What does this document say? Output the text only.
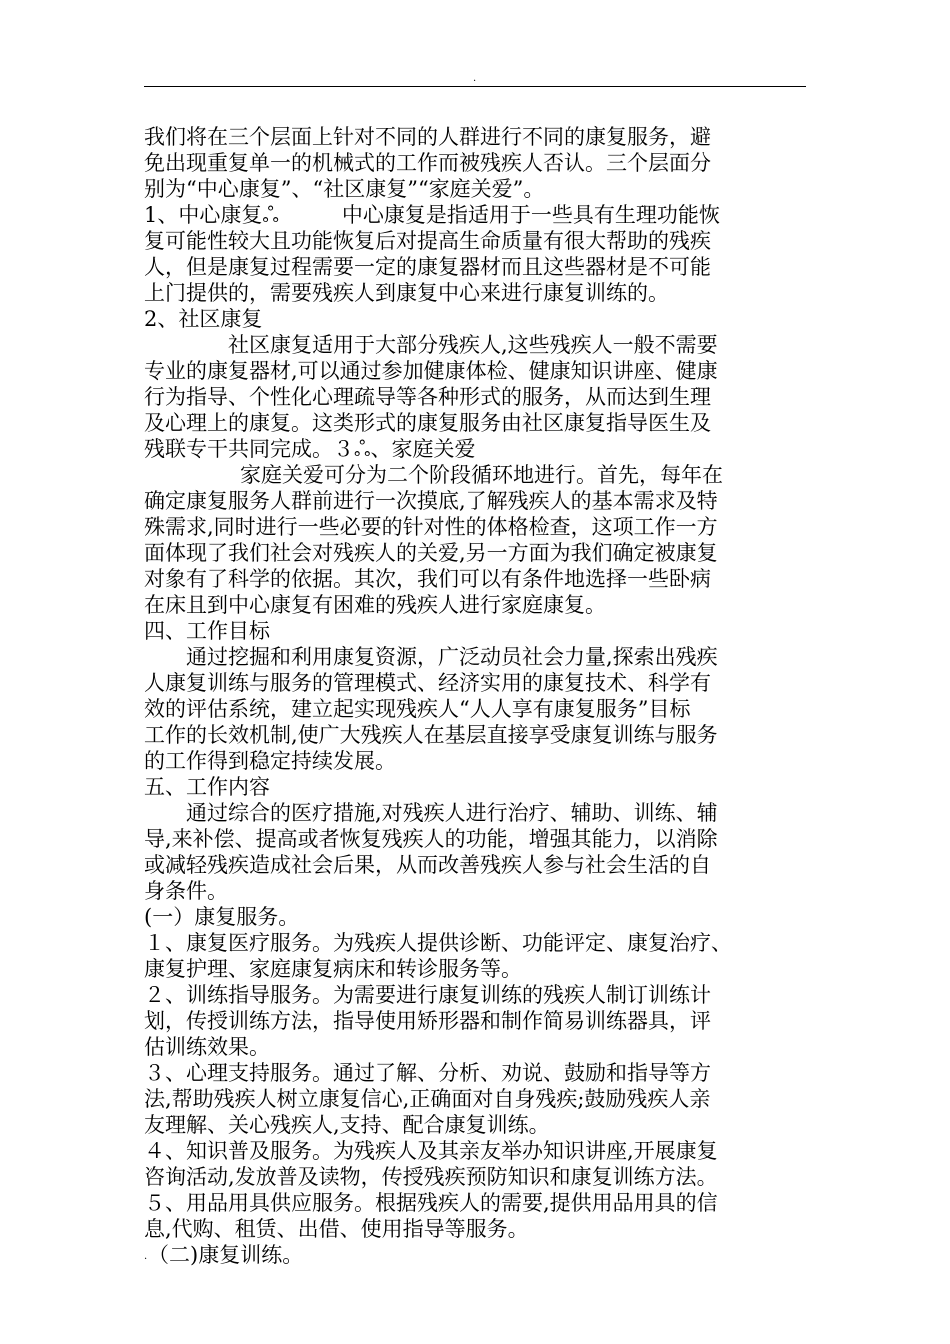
.

我们将在三个层面上针对不同的人群进行不同的康复服务，避

免出现重复单一的机械式的工作而被残疾人否认。三个层面分

别为“中心康复”、“社区康复”“家庭关爱”。

1、中心康复ஃ　　　中心康复是指适用于一些具有生理功能恢

复可能性较大且功能恢复后对提高生命质量有很大帮助的残疾

人，但是康复过程需要一定的康复器材而且这些器材是不可能

上门提供的，需要残疾人到康复中心来进行康复训练的。

2、社区康复

社区康复适用于大部分残疾人,这些残疾人一般不需要

专业的康复器材,可以通过参加健康体检、健康知识讲座、健康

行为指导、个性化心理疏导等各种形式的服务，从而达到生理

及心理上的康复。这类形式的康复服务由社区康复指导医生及

残联专干共同完成。３ஃ、家庭关爱

家庭关爱可分为二个阶段循环地进行。首先，每年在

确定康复服务人群前进行一次摸底,了解残疾人的基本需求及特

殊需求,同时进行一些必要的针对性的体格检查，这项工作一方

面体现了我们社会对残疾人的关爱,另一方面为我们确定被康复

对象有了科学的依据。其次，我们可以有条件地选择一些卧病

在床且到中心康复有困难的残疾人进行家庭康复。

四、工作目标

通过挖掘和利用康复资源，广泛动员社会力量,探索出残疾

人康复训练与服务的管理模式、经济实用的康复技术、科学有

效的评估系统，建立起实现残疾人“人人享有康复服务”目标

工作的长效机制,使广大残疾人在基层直接享受康复训练与服务

的工作得到稳定持续发展。

五、工作内容

通过综合的医疗措施,对残疾人进行治疗、辅助、训练、辅

导,来补偿、提高或者恢复残疾人的功能，增强其能力，以消除

或减轻残疾造成社会后果，从而改善残疾人参与社会生活的自

身条件。

(一）康复服务。

１、康复医疗服务。为残疾人提供诊断、功能评定、康复治疗、

康复护理、家庭康复病床和转诊服务等。

２、训练指导服务。为需要进行康复训练的残疾人制订训练计

划，传授训练方法，指导使用矫形器和制作简易训练器具，评

估训练效果。

３、心理支持服务。通过了解、分析、劝说、鼓励和指导等方

法,帮助残疾人树立康复信心,正确面对自身残疾;鼓励残疾人亲

友理解、关心残疾人,支持、配合康复训练。

４、知识普及服务。为残疾人及其亲友举办知识讲座,开展康复

咨询活动,发放普及读物，传授残疾预防知识和康复训练方法。

５、用品用具供应服务。根据残疾人的需要,提供用品用具的信

息,代购、租赁、出借、使用指导等服务。

（二)康复训练。

.
